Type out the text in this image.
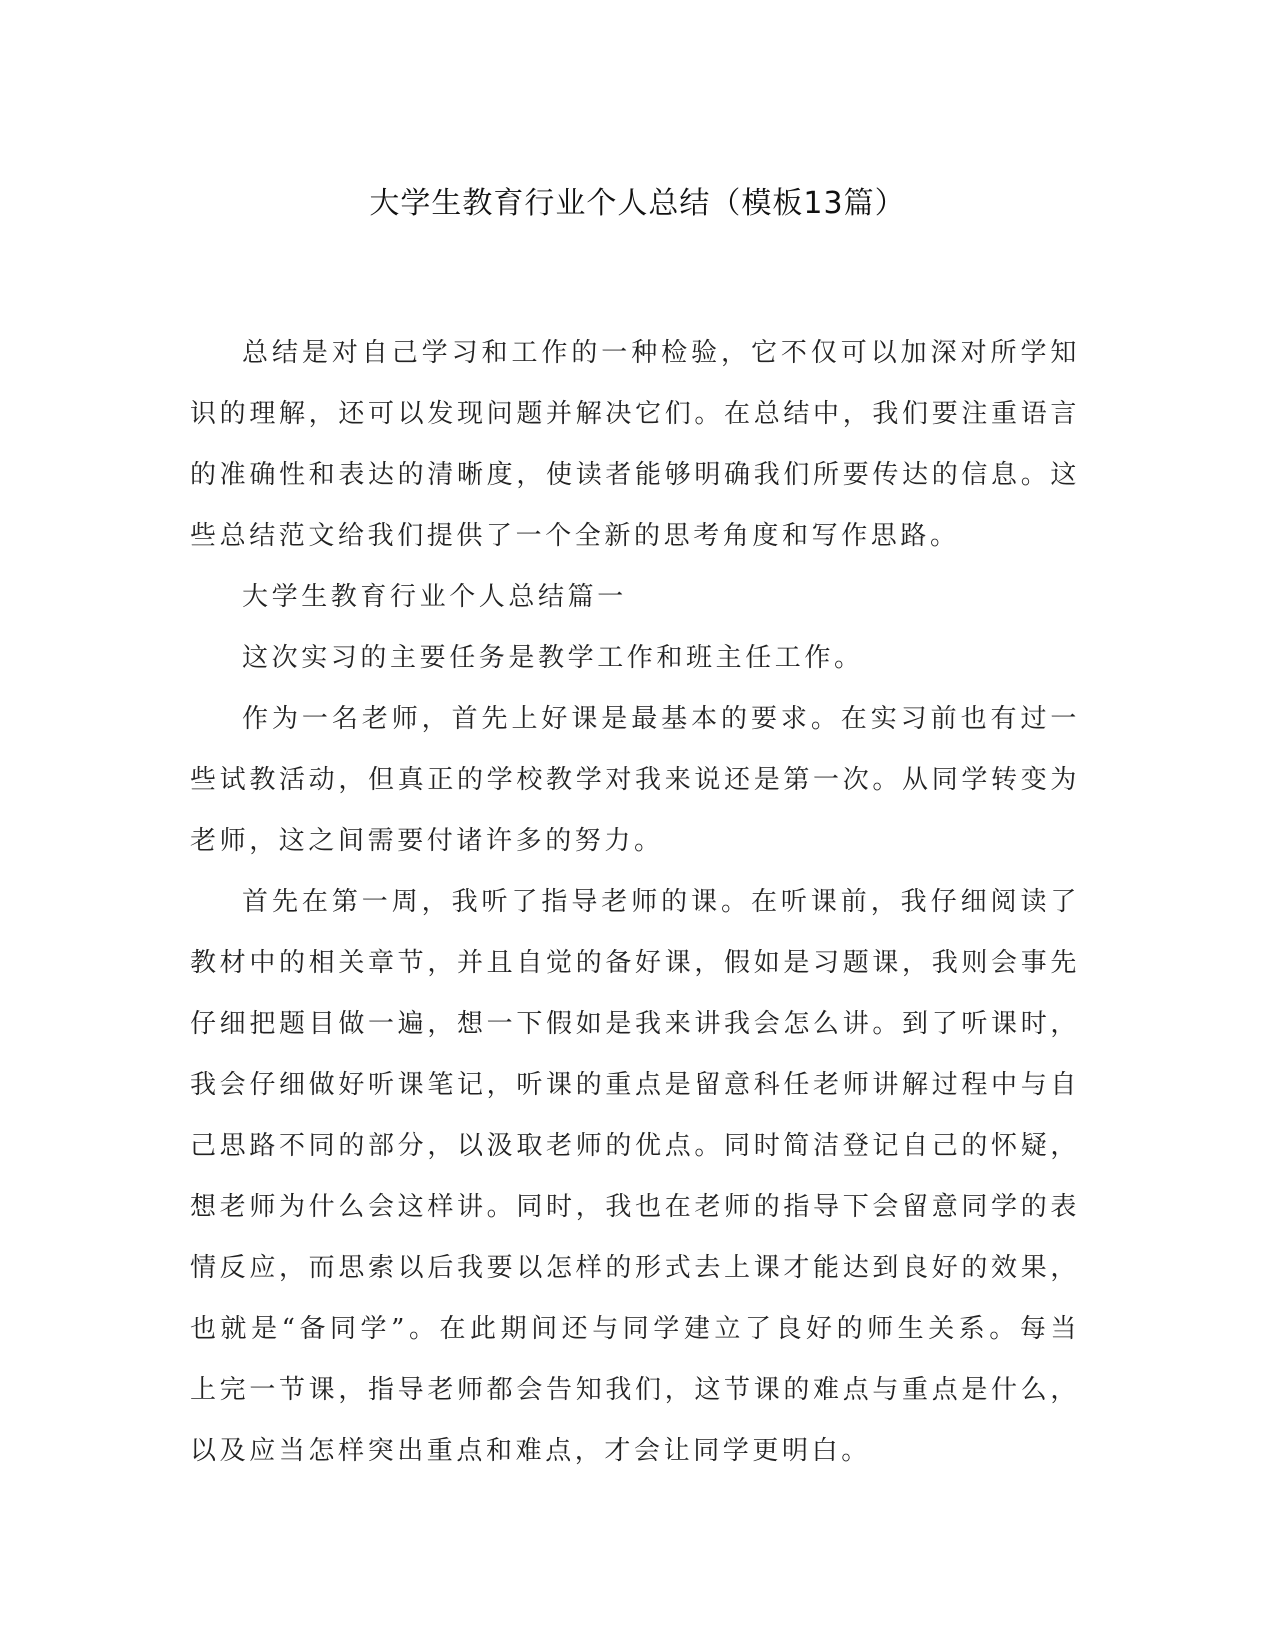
大学生教育行业个人总结（模板13篇）

总结是对自己学习和工作的一种检验，它不仅可以加深对所学知识的理解，还可以发现问题并解决它们。在总结中，我们要注重语言的准确性和表达的清晰度，使读者能够明确我们所要传达的信息。这些总结范文给我们提供了一个全新的思考角度和写作思路。

大学生教育行业个人总结篇一

这次实习的主要任务是教学工作和班主任工作。

作为一名老师，首先上好课是最基本的要求。在实习前也有过一些试教活动，但真正的学校教学对我来说还是第一次。从同学转变为老师，这之间需要付诸许多的努力。

首先在第一周，我听了指导老师的课。在听课前，我仔细阅读了教材中的相关章节，并且自觉的备好课，假如是习题课，我则会事先仔细把题目做一遍，想一下假如是我来讲我会怎么讲。到了听课时，我会仔细做好听课笔记，听课的重点是留意科任老师讲解过程中与自己思路不同的部分，以汲取老师的优点。同时简洁登记自己的怀疑，想老师为什么会这样讲。同时，我也在老师的指导下会留意同学的表情反应，而思索以后我要以怎样的形式去上课才能达到良好的效果，也就是“备同学”。在此期间还与同学建立了良好的师生关系。每当上完一节课，指导老师都会告知我们，这节课的难点与重点是什么，以及应当怎样突出重点和难点，才会让同学更明白。
